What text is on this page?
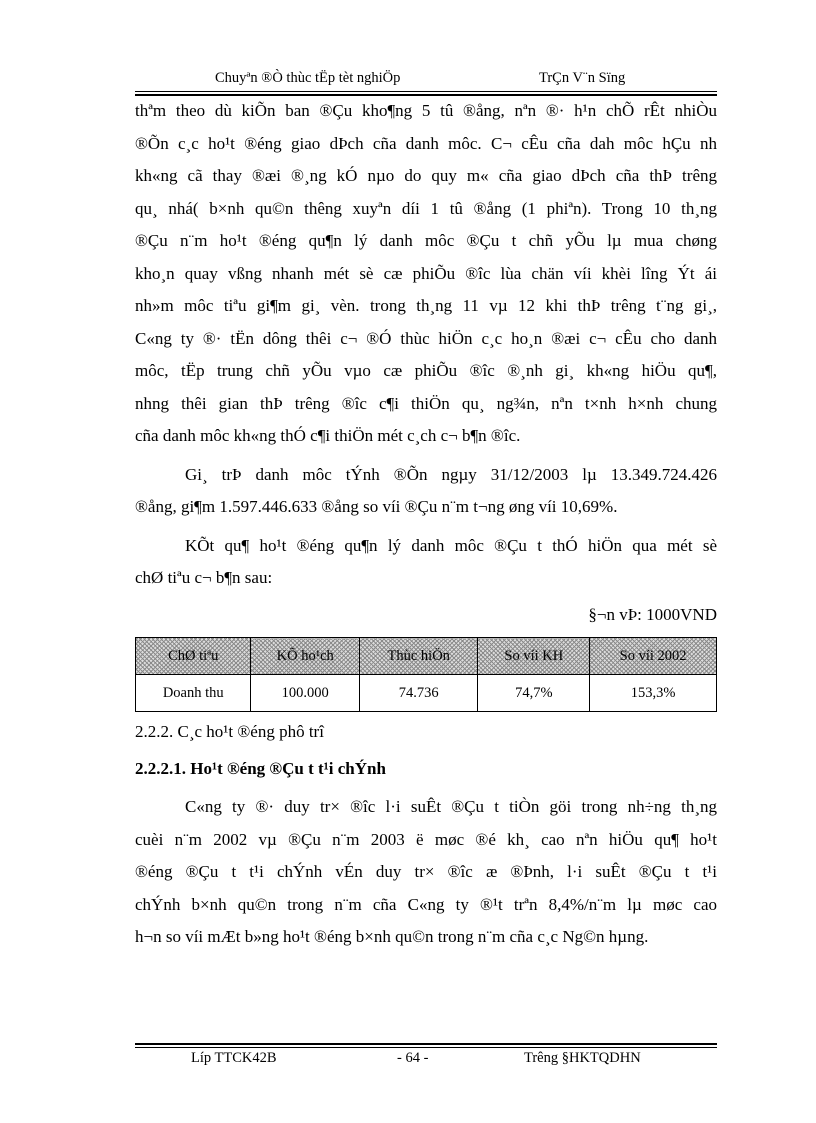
Chuyªn ®Ò thùc tËp tèt nghiÖp	TrÇn V¨n Sïng

thªm theo dù kiÕn ban ®Çu kho¶ng 5 tû ®ång, nªn ®· h¹n chÕ rÊt nhiÒu

®Õn c¸c ho¹t ®éng giao dÞch cña danh môc. C¬ cÊu cña dah môc hÇu nh

kh«ng cã thay ®æi ®¸ng kÓ nµo do quy m« cña giao dÞch cña thÞ trêng

qu¸ nhá( b×nh qu©n thêng xuyªn díi 1 tû ®ång (1 phiªn). Trong 10 th¸ng

®Çu n¨m ho¹t ®éng qu¶n lý danh môc ®Çu t chñ yÕu lµ mua chøng

kho¸n quay vßng nhanh mét sè cæ phiÕu ®îc lùa chän víi khèi lîng Ýt ái

nh»m môc tiªu gi¶m gi¸ vèn. trong th¸ng 11 vµ 12 khi thÞ trêng t¨ng gi¸,

C«ng ty ®· tËn dông thêi c¬ ®Ó thùc hiÖn c¸c ho¸n ®æi c¬ cÊu cho danh

môc, tËp trung chñ yÕu vµo cæ phiÕu ®îc ®¸nh gi¸ kh«ng hiÖu qu¶,

nhng thêi gian thÞ trêng ®îc c¶i thiÖn qu¸ ng¾n, nªn t×nh h×nh chung

cña danh môc kh«ng thÓ c¶i thiÖn mét c¸ch c¬ b¶n ®îc.

Gi¸ trÞ danh môc tÝnh ®Õn ngµy 31/12/2003 lµ 13.349.724.426

®ång, gi¶m 1.597.446.633 ®ång so víi ®Çu n¨m t¬ng øng víi 10,69%.

KÕt qu¶ ho¹t ®éng qu¶n lý danh môc ®Çu t thÓ hiÖn qua mét sè

chØ tiªu c¬ b¶n sau:

§¬n vÞ: 1000VND

ChØ tiªu	KÕ ho¹ch	Thùc hiÖn	So víi KH	So víi 2002
Doanh thu	100.000	74.736	74,7%	153,3%

2.2.2. C¸c ho¹t ®éng phô trî

2.2.2.1. Ho¹t ®éng ®Çu t t¹i chÝnh

C«ng ty ®· duy tr× ®îc l·i suÊt ®Çu t tiÒn göi trong nh÷ng th¸ng

cuèi n¨m 2002 vµ ®Çu n¨m 2003 ë møc ®é kh¸ cao nªn hiÖu qu¶ ho¹t

®éng ®Çu t t¹i chÝnh vÉn duy tr× ®îc æ ®Þnh, l·i suÊt ®Çu t t¹i

chÝnh b×nh qu©n trong n¨m cña C«ng ty ®¹t trªn 8,4%/n¨m lµ møc cao

h¬n so víi mÆt b»ng ho¹t ®éng b×nh qu©n trong n¨m cña c¸c Ng©n hµng.

Líp TTCK42B	- 64 -	Trêng §HKTQDHN
